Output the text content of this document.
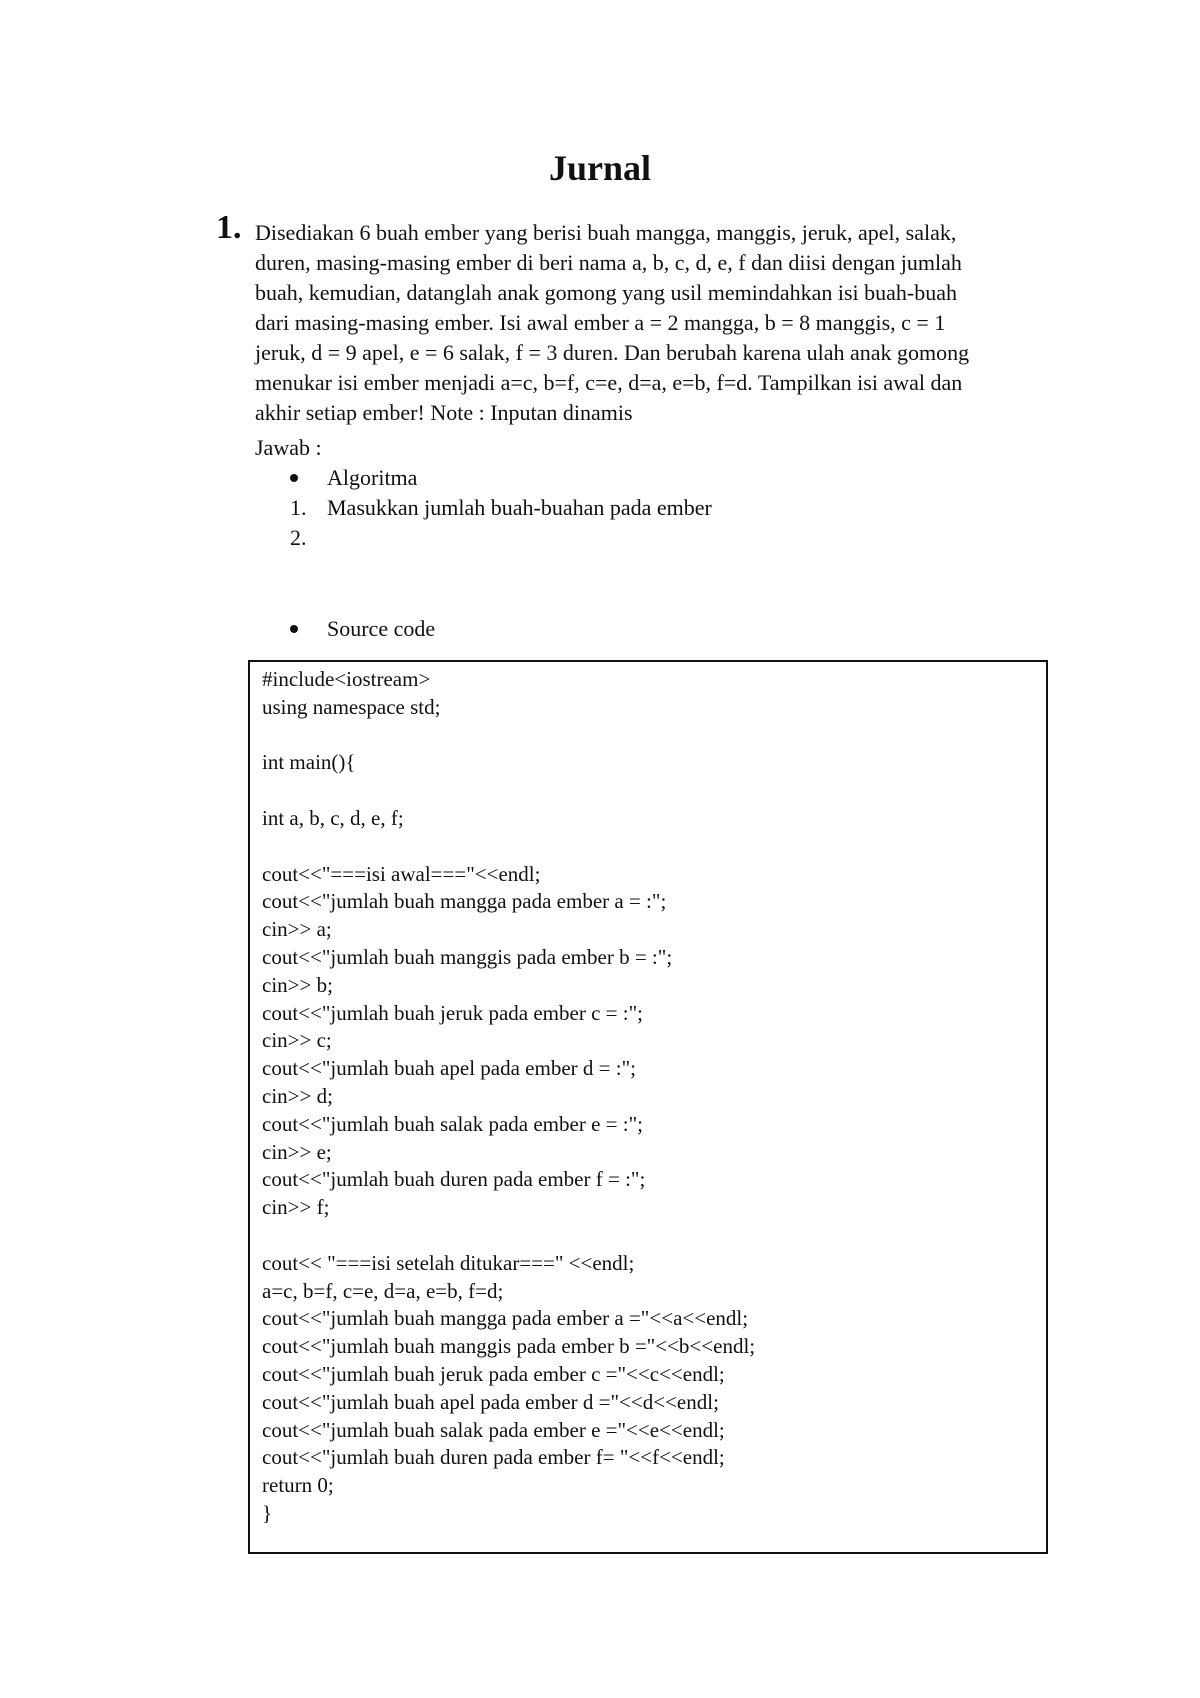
Jurnal
1. Disediakan 6 buah ember yang berisi buah mangga, manggis, jeruk, apel, salak,
duren, masing-masing ember di beri nama a, b, c, d, e, f dan diisi dengan jumlah
buah, kemudian, datanglah anak gomong yang usil memindahkan isi buah-buah
dari masing-masing ember. Isi awal ember a = 2 mangga, b = 8 manggis, c = 1
jeruk, d = 9 apel, e = 6 salak, f = 3 duren. Dan berubah karena ulah anak gomong
menukar isi ember menjadi a=c, b=f, c=e, d=a, e=b, f=d. Tampilkan isi awal dan
akhir setiap ember! Note : Inputan dinamis
Jawab :
Algoritma
1. Masukkan jumlah buah-buahan pada ember
2.
Source code
#include<iostream>
using namespace std;
int main(){
int a, b, c, d, e, f;
cout<<"===isi awal==="<<endl;
cout<<"jumlah buah mangga pada ember a = :";
cin>> a;
cout<<"jumlah buah manggis pada ember b = :";
cin>> b;
cout<<"jumlah buah jeruk pada ember c = :";
cin>> c;
cout<<"jumlah buah apel pada ember d = :";
cin>> d;
cout<<"jumlah buah salak pada ember e = :";
cin>> e;
cout<<"jumlah buah duren pada ember f = :";
cin>> f;
cout<< "===isi setelah ditukar===" <<endl;
a=c, b=f, c=e, d=a, e=b, f=d;
cout<<"jumlah buah mangga pada ember a ="<<a<<endl;
cout<<"jumlah buah manggis pada ember b ="<<b<<endl;
cout<<"jumlah buah jeruk pada ember c ="<<c<<endl;
cout<<"jumlah buah apel pada ember d ="<<d<<endl;
cout<<"jumlah buah salak pada ember e ="<<e<<endl;
cout<<"jumlah buah duren pada ember f= "<<f<<endl;
return 0;
}
